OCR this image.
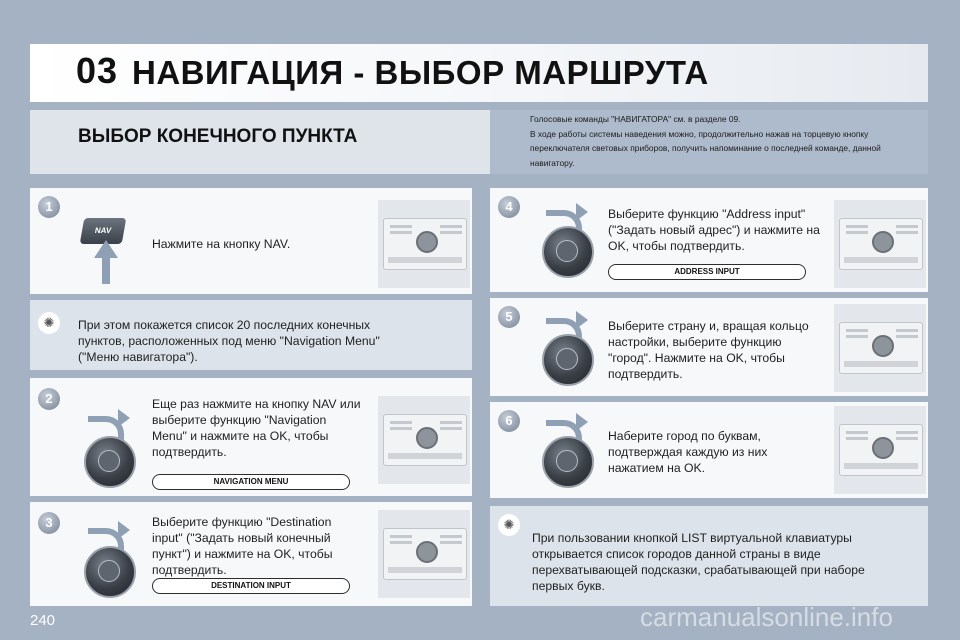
03 НАВИГАЦИЯ - ВЫБОР МАРШРУТА
ВЫБОР КОНЕЧНОГО ПУНКТА
Голосовые команды "НАВИГАТОРА" см. в разделе 09.
В ходе работы системы наведения можно, продолжительно нажав на торцевую кнопку переключателя световых приборов, получить напоминание о последней команде, данной навигатору.
1
NAV
Нажмите на кнопку NAV.
✺	При этом покажется список 20 последних конечных пунктов, расположенных под меню "Navigation Menu" ("Меню навигатора").
2	Еще раз нажмите на кнопку NAV или выберите функцию "Navigation Menu" и нажмите на OK, чтобы подтвердить.
NAVIGATION MENU
3	Выберите функцию "Destination input" ("Задать новый конечный пункт") и нажмите на OK, чтобы подтвердить.
DESTINATION INPUT
4	Выберите функцию "Address input" ("Задать новый адрес") и нажмите на OK, чтобы подтвердить.
ADDRESS INPUT
5
Выберите страну и, вращая кольцо настройки, выберите функцию "город". Нажмите на OK, чтобы подтвердить.
6
Наберите город по буквам, подтверждая каждую из них нажатием на OK.
✺
При пользовании кнопкой LIST виртуальной клавиатуры открывается список городов данной страны в виде перехватывающей подсказки, срабатывающей при наборе первых букв.
240	carmanualsonline.info
